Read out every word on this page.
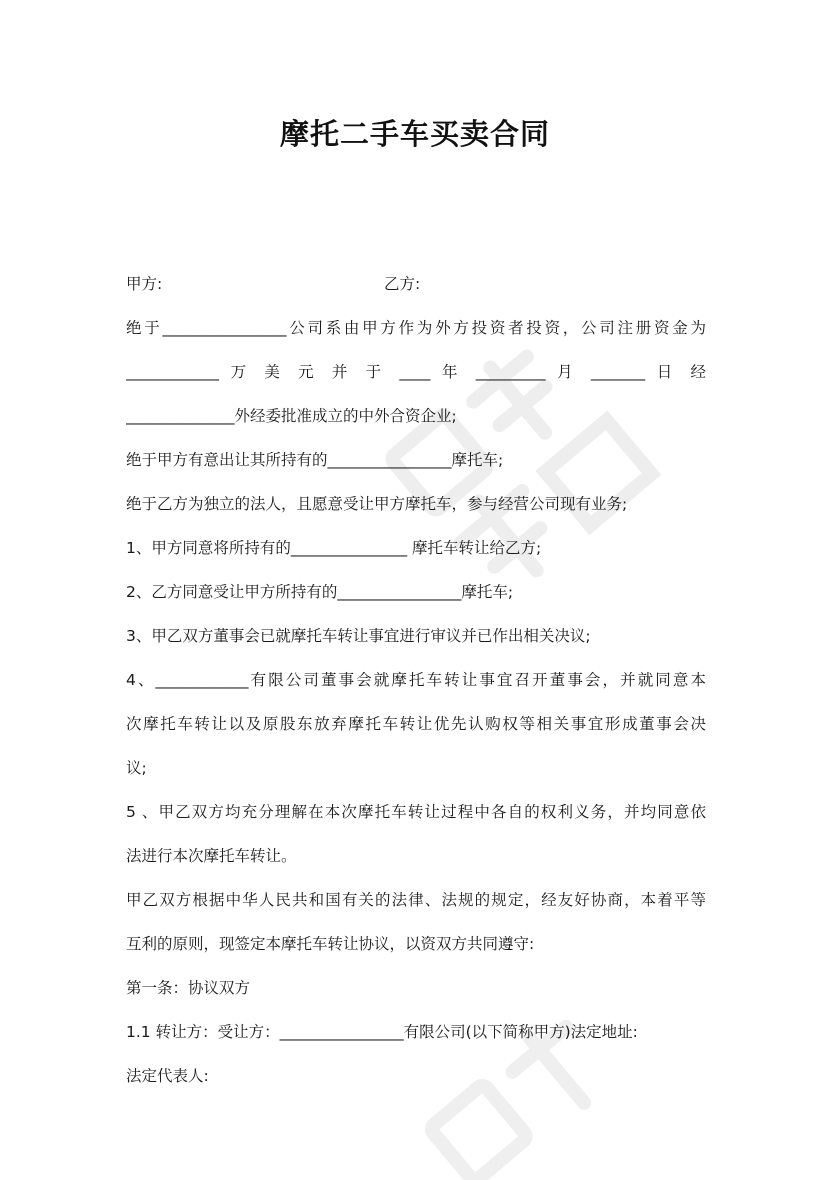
摩托二手车买卖合同
甲方:	乙方:
绝于________________公司系由甲方作为外方投资者投资，公司注册资金为
____________ 万 美 元 并 于 ____ 年 _________ 月 _______ 日 经
______________外经委批准成立的中外合资企业;
绝于甲方有意出让其所持有的________________摩托车;
绝于乙方为独立的法人，且愿意受让甲方摩托车，参与经营公司现有业务;
1、甲方同意将所持有的_______________ 摩托车转让给乙方;
2、乙方同意受让甲方所持有的________________摩托车;
3、甲乙双方董事会已就摩托车转让事宜进行审议并已作出相关决议;
4、____________有限公司董事会就摩托车转让事宜召开董事会，并就同意本
次摩托车转让以及原股东放弃摩托车转让优先认购权等相关事宜形成董事会决
议;
5 、甲乙双方均充分理解在本次摩托车转让过程中各自的权利义务，并均同意依
法进行本次摩托车转让。
甲乙双方根据中华人民共和国有关的法律、法规的规定，经友好协商，本着平等
互利的原则，现签定本摩托车转让协议，以资双方共同遵守:
第一条：协议双方
1.1 转让方：受让方：________________有限公司(以下简称甲方)法定地址:
法定代表人:
